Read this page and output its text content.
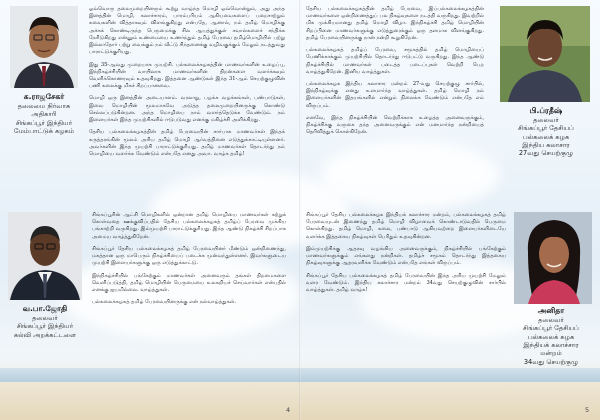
க.ராஜசேகர்
தலைமை நிர்வாக
அதிகாரி
சிங்கப்பூர் இந்தியர்
மேம்பாட்டுக் கழகம்

ஓவ்வொரு தலைமுறையினரும் கூற்று வாழ்ந்த மொழி ஒவ்வொன்றும், அது அந்த இனத்தின் மொழி, கலாச்சாரம், பாரம்பரியம் ஆகியவைகளைப் பறைசாற்றும் சுவைகளின் வித்தாகவும் விளங்குகிறது என்பதே, ஆனால், நம் தமிழ் மொழிக்கு அச்சுக் கொண்டிருந்த பெருமைக்கு சில ஆயத்துக்குள் சவால்களைச் சந்திக்க நேரிடுகிறது என்னும் உண்மையை உணர்ந்தும் தமிழ் பேரவை தமிழ்மொழியில் பற்று இல்லாதோர் பற்று வைக்கும் நம் வீட்டு சிந்தனைக்கு வழிவகுக்கும் மேலும் நடத்துவது பாராட்டுக்குரியது.

இது 35-ஆவது முறையாக முயற்சி. பல்கலைக்கழகத்தின் மாணவர்களின் உழைப்பு, இந்நிகழ்ச்சியின் வாயிலாக மாணவர்களின் திறன்களை வளர்க்கவும் வெளிக்கொணரவும் உதவுகிறது. இத்தனை ஆண்டுகள் இந்த 31-ஆம் செயற்குழுவின் பணி கலைக்கு மிகச் சிறப்பானவை.

மொழி ஒரு இனத்தின் அடையாளம். வரலாறு, பழக்க வழக்கங்கள், பண்பாடுகள், இவை மொழியின் மூலமாகவே அடுத்த தலைமுறையினருக்கு கொண்டு செல்லப்படுகின்றன. அந்த மொழியை நாம் வளர்த்தெடுக்க வேண்டும். நம் இளையர்கள் இந்த முயற்சிகளில் ஈடுபடுவது எனக்கு மகிழ்ச்சி அளிக்கிறது.

தேசிய பல்கலைக்கழகத்தின் தமிழ் பேரவையின் சார்பாக மாணவர்கள் இந்தக் கருத்தரங்கின் மூலம் அரிய தமிழ் மொழி ஆர்வத்தினை எடுத்துக்காட்டியுள்ளனர். அவர்களின் இந்த முயற்சி பாராட்டுக்குரியது. தமிழ் மாணவர்கள் தொடர்ந்து நம் மொழியை வளர்க்க வேண்டும் என்பதே எனது அவா. வாழ்க தமிழ்!

தேசிய பல்கலைக்கழகத்தின் தமிழ் பேரவை, இப்பல்கலைக்கழகத்தின் மாணவர்களை ஒன்றிணைத்துப் பல நிகழ்வுகளை நடத்தி வருகிறது. இவற்றில் மிக முக்கியமானது தமிழ் மொழி விழா. இந்நிகழ்ச்சி தமிழ் மொழியின் சிறப்பினை மாணவர்களுக்கு எடுத்துரைக்கும் ஒரு தளமாக விளங்குகிறது. தமிழ் பேரவையினருக்கு நான் நன்றி கூறுகிறேன்.

பல்கலைக்கழகத் தமிழ்ப் பேரவை, சமூகத்தில் தமிழ் மொழியைப் பேணிக்காக்கும் முயற்சியில் தொடர்ந்து ஈடுபட்டு வருகிறது. இந்த ஆண்டு நிகழ்ச்சியில் மாணவர்கள் படைத்த படைப்புகள் வெற்றி பெற வாழ்த்துகிறேன். இனிய வாழ்த்துகள்.

பல்கலைக்கழக இந்திய கலாசார மன்றம் 27-வது செயற்குழு சார்பில், இந்நிகழ்வுக்கு எனது உளமார்ந்த வாழ்த்துகள். தமிழ் மொழி நம் இளையர்களின் இதயங்களில் என்றும் நிலைக்க வேண்டும் என்பதே எம் விருப்பம்.

எனவே, இந்த நிகழ்ச்சியின் வெற்றிக்காக உழைத்த அனைவருக்கும், நிகழ்ச்சிக்கு வருகை தந்த அனைவருக்கும் என் மனமார்ந்த நன்றியைத் தெரிவித்துக் கொள்கிறேன்.

பி.ப்ரதீஷ்
தலைவர்
சிங்கப்பூர் தேசியப்
பல்கலைக் கழக
இந்திய கலாசார
27வது செயற்குழு
வ.பா.ஜோதி
தலைவர்
சிங்கப்பூர் இந்தியர்
கல்வி அறக்கட்டளை

சிங்கப்பூரின் ஆட்சி மொழிகளில் ஒன்றான தமிழ் மொழியை மாணவர்கள் கற்றுக் கொள்வதை ஊக்குவிப்பதில் தேசிய பல்கலைக்கழகத் தமிழ்ப் பேரவை முக்கிய பங்காற்றி வருகிறது. இம்முயற்சி பாராட்டுக்குரியது. இந்த ஆண்டு நிகழ்ச்சி சிறப்பாக அமைய வாழ்த்துகிறேன்.

சிங்கப்பூர் தேசிய பல்கலைக்கழகத் தமிழ் பேரவையினர் மீண்டும் ஒன்றிணைந்து, மகத்தான ஒரு மாபெரும் நிகழ்ச்சியைப் படைக்க முன்வந்துள்ளனர். இவர்களுடைய முயற்சி இளையர்களுக்கு ஒரு எடுத்துக்காட்டு.

இந்நிகழ்ச்சியில் பங்கேற்கும் மாணவர்கள் அனைவரும் தங்கள் திறமைகளை வெளிப்படுத்தி, தமிழ் மொழியின் பெருமையை உலகறியச் செய்வார்கள் என்பதில் எனக்கு ஐயமில்லை. வாழ்த்துகள்.

பல்கலைக்கழகத் தமிழ் பேரவையினருக்கு என் நல்வாழ்த்துகள்.

சிங்கப்பூர் தேசிய பல்கலைக்கழக இந்தியக் கலாச்சார மன்றம், பல்கலைக்கழகத் தமிழ் பேரவையுடன் இணைந்து தமிழ் மொழி விழாவைக் கொண்டாடுவதில் பெருமை கொள்கிறது. தமிழ் மொழி, கலை, பண்பாடு ஆகியவற்றை இளையர்களிடையே வளர்க்க இத்தகைய நிகழ்வுகள் பெரிதும் உதவுகின்றன.

இம்முயற்சிக்கு ஆதரவு வழங்கிய அனைவருக்கும், நிகழ்ச்சியில் பங்கேற்கும் மாணவர்களுக்கும் எங்களது நன்றிகள். தமிழ்ச் சமூகம் தொடர்ந்து இத்தகைய நிகழ்வுகளுக்கு ஆதரவளிக்க வேண்டும் என்பதே எங்கள் விருப்பம்.

சிங்கப்பூர் தேசிய பல்கலைக்கழகத் தமிழ் பேரவையின் இந்த அரிய முயற்சி மேலும் வளர வேண்டும். இந்திய கலாச்சார மன்றம் 34வது செயற்குழுவின் சார்பில் வாழ்த்துகள். தமிழ் வாழ்க!

அனிதா
தலைவர்
சிங்கப்பூர் தேசியப்
பல்கலைக் கழக
இந்தியக் கலாச்சார
மன்றம்
34வது செயற்குழு
4	5
